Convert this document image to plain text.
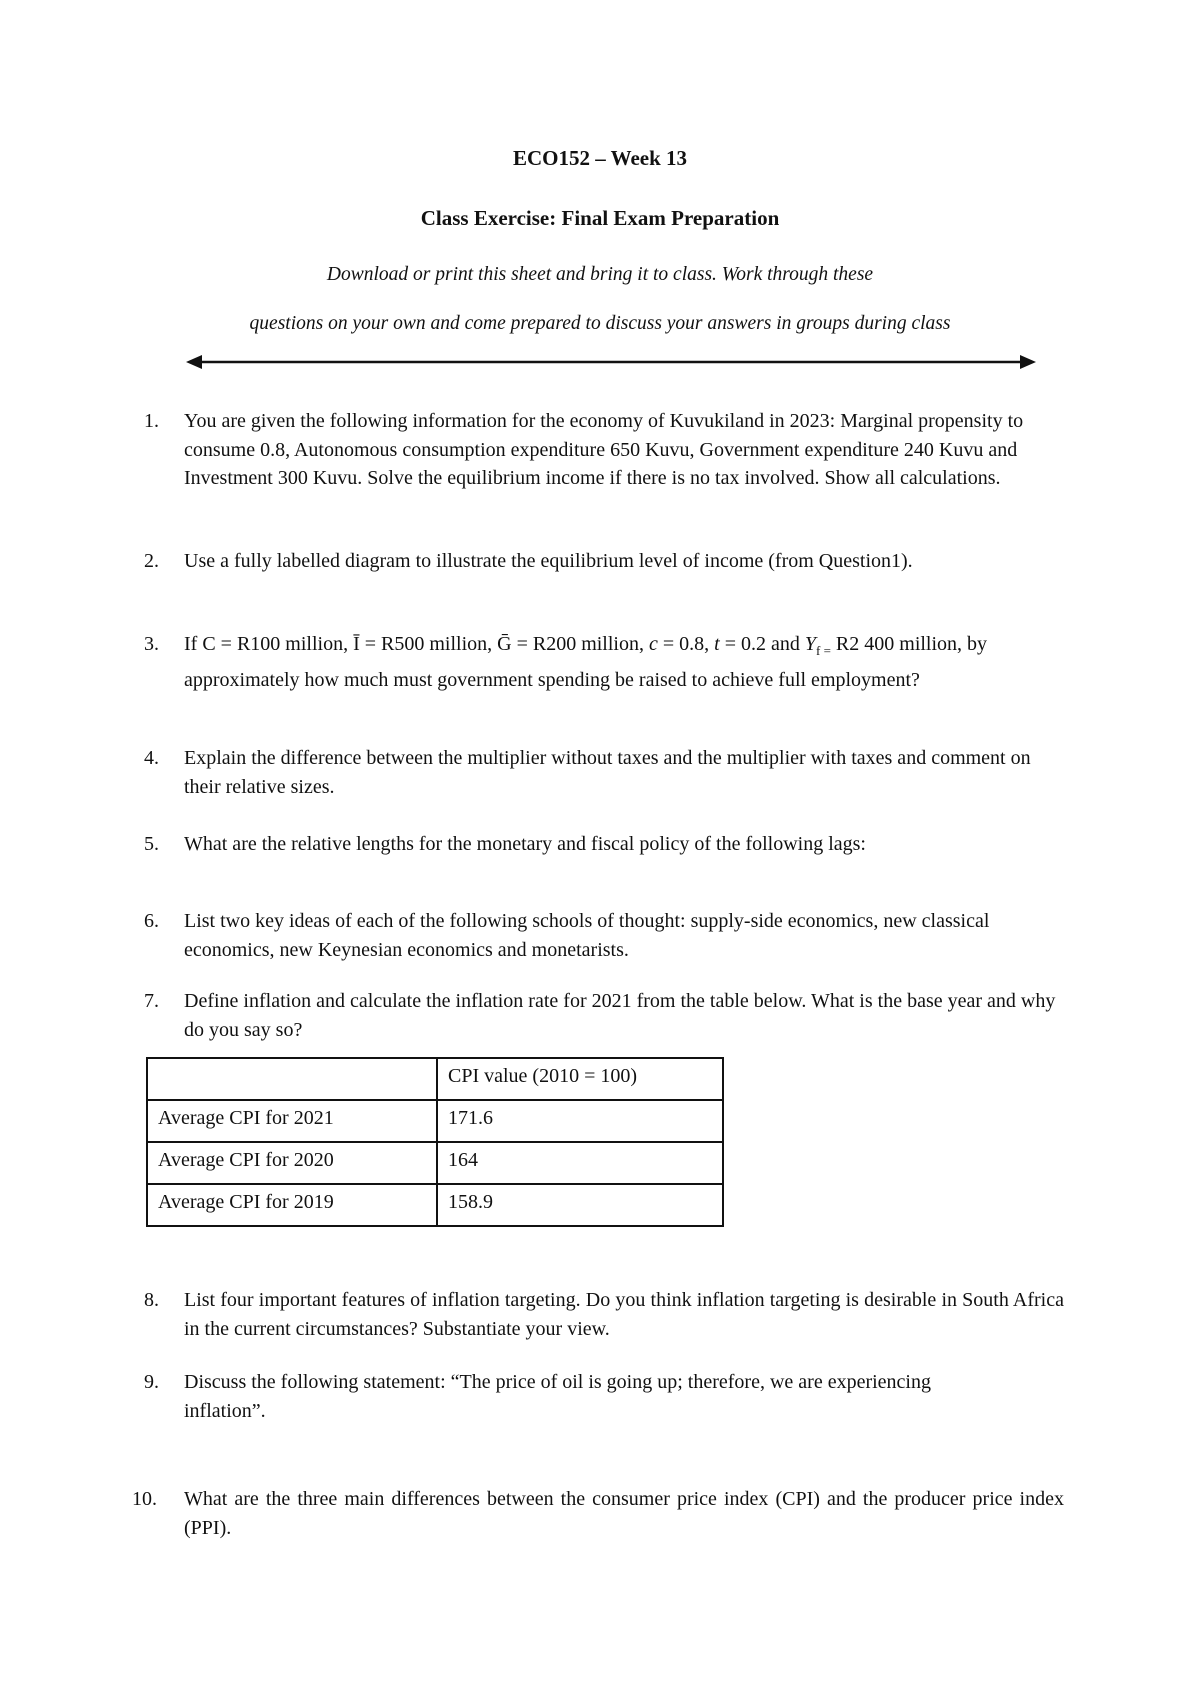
ECO152 – Week 13
Class Exercise: Final Exam Preparation
Download or print this sheet and bring it to class. Work through these
questions on your own and come prepared to discuss your answers in groups during class
1.	You are given the following information for the economy of Kuvukiland in 2023: Marginal propensity to consume 0.8, Autonomous consumption expenditure 650 Kuvu, Government expenditure 240 Kuvu and Investment 300 Kuvu. Solve the equilibrium income if there is no tax involved. Show all calculations.
2.	Use a fully labelled diagram to illustrate the equilibrium level of income (from Question1).
3.	If C = R100 million, Ī = R500 million, Ḡ = R200 million, c = 0.8, t = 0.2 and $Y_{f =}$ R2 400 million, by approximately how much must government spending be raised to achieve full employment?
4.	Explain the difference between the multiplier without taxes and the multiplier with taxes and comment on their relative sizes.
5.	What are the relative lengths for the monetary and fiscal policy of the following lags:
6.	List two key ideas of each of the following schools of thought: supply-side economics, new classical economics, new Keynesian economics and monetarists.
7.	Define inflation and calculate the inflation rate for 2021 from the table below. What is the base year and why do you say so?
	CPI value (2010 = 100)
Average CPI for 2021	171.6
Average CPI for 2020	164
Average CPI for 2019	158.9
8.	List four important features of inflation targeting. Do you think inflation targeting is desirable in South Africa in the current circumstances? Substantiate your view.
9.	Discuss the following statement: “The price of oil is going up; therefore, we are experiencing inflation”.
10.	What are the three main differences between the consumer price index (CPI) and the producer price index (PPI).
